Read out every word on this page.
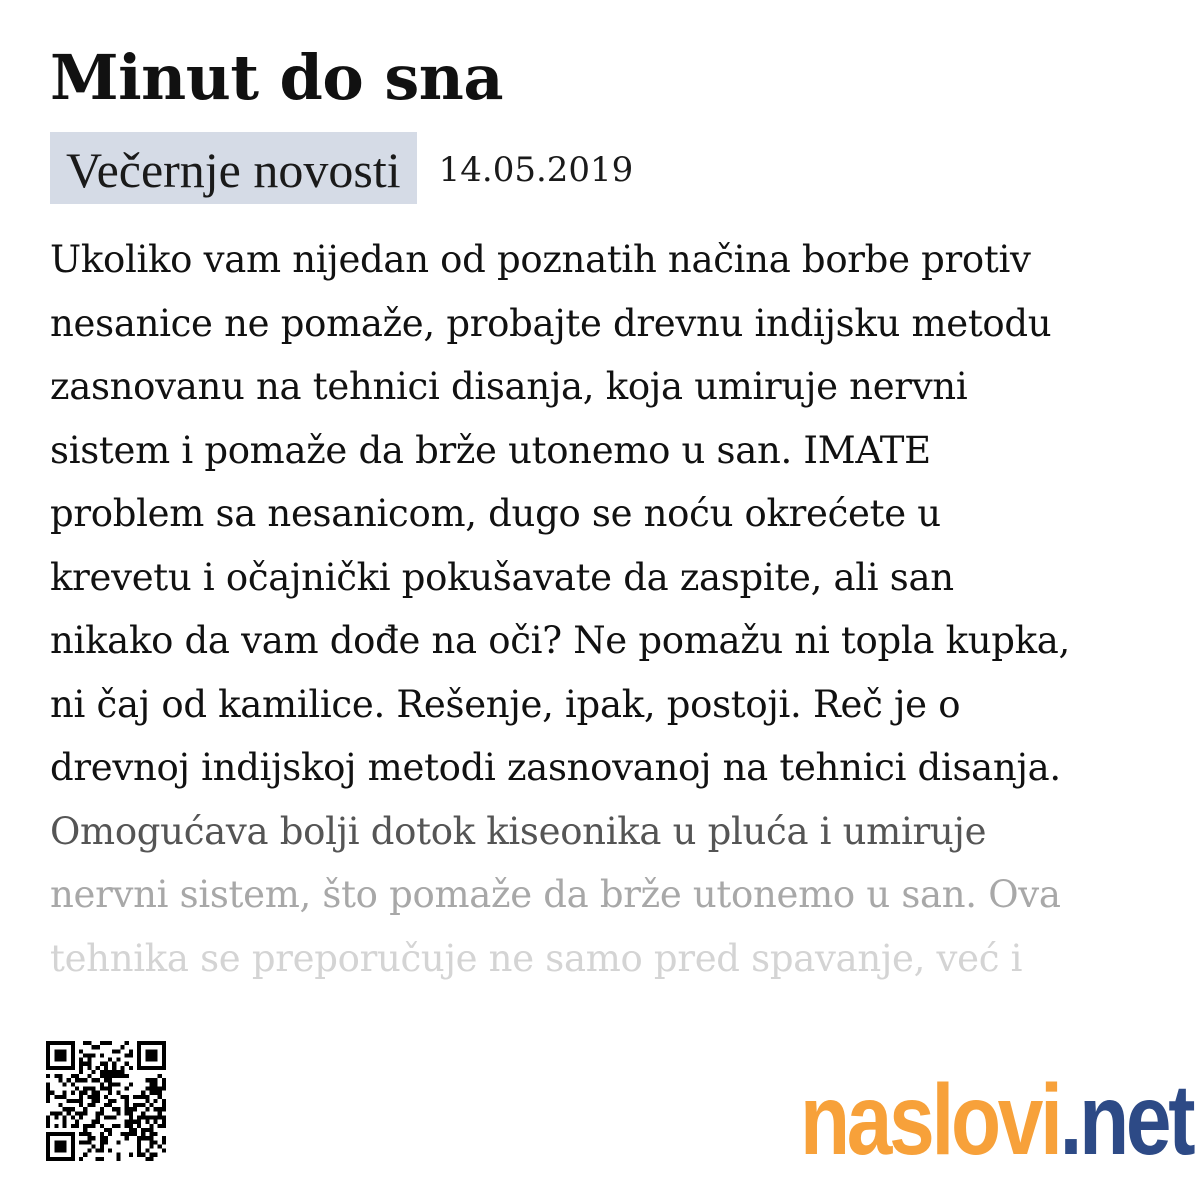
Minut do sna
Večernje novosti	14.05.2019
Ukoliko vam nijedan od poznatih načina borbe protiv
nesanice ne pomaže, probajte drevnu indijsku metodu
zasnovanu na tehnici disanja, koja umiruje nervni
sistem i pomaže da brže utonemo u san. IMATE
problem sa nesanicom, dugo se noću okrećete u
krevetu i očajnički pokušavate da zaspite, ali san
nikako da vam dođe na oči? Ne pomažu ni topla kupka,
ni čaj od kamilice. Rešenje, ipak, postoji. Reč je o
drevnoj indijskoj metodi zasnovanoj na tehnici disanja.
Omogućava bolji dotok kiseonika u pluća i umiruje
nervni sistem, što pomaže da brže utonemo u san. Ova
tehnika se preporučuje ne samo pred spavanje, već i
naslovi .net
